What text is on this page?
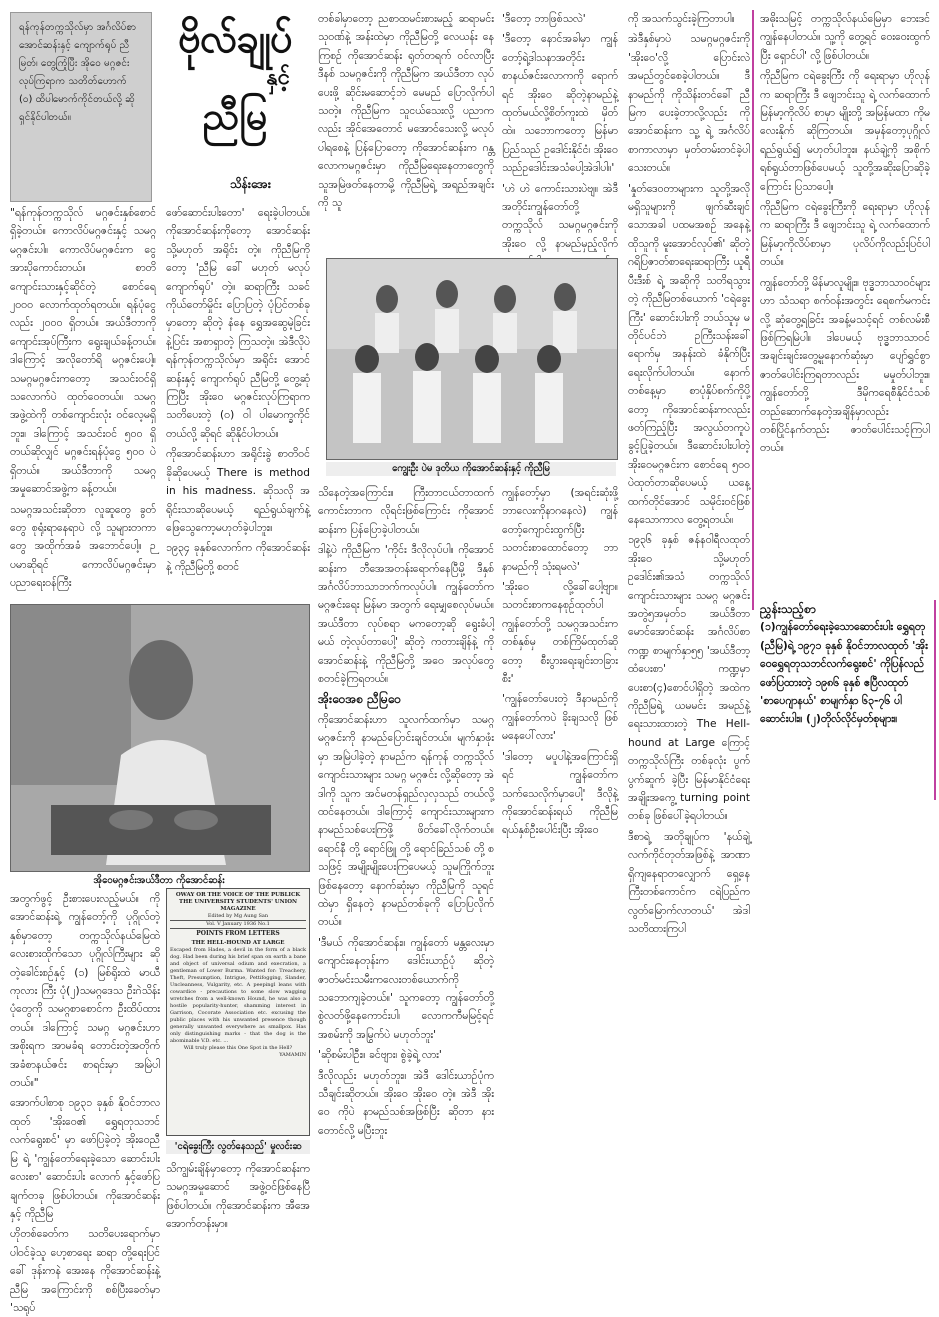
ရန်ကုန်တက္ကသိုလ်မှာ အင်္ဂလိပ်စာ အောင်ဆန်းနှင့် ကျောက်ရုပ် ညီမြတ်၊ တွေ့ကြုံပြီး အိုဝေ မဂ္ဂဇင်းလုပ်ကြရာက သတိတ်ဟောက် (၀) ထိပါမောက်ကိုင်တယ်လို့ ဆိုရှင်နိုင်ပါတယ်။
ဗိုလ်ချုပ်
နှင့်
ညီမြ
သိန်းအေး

"ရန်ကုန်တက္ကသိုလ် မဂ္ဂဇင်းနှစ်စောင် ရှိခဲ့တယ်။ ကောလိပ်မဂ္ဂဇင်းနှင့် သမဂ္ဂမဂ္ဂဇင်းပါ။ ကောလိပ်မဂ္ဂဇင်းက ငွေအားပိုကောင်းတယ်။ စာတိကျောင်းသားနှင့်ဆိုင်တဲ့ စောင်ရေ ၂၀၀၀ လောက်ထုတ်ရတယ်။ ရန်ပုံငွေလည်း ၂၀၀ဝ ရှိတယ်။ အယ်ဒီတာကို ကျောင်းအုပ်ကြီးက ရွေးချယ်ခန့်တယ်။ ဒါကြောင့် အလိုတော်ရိ မဂ္ဂဇင်းပေါ့။ သမဂ္ဂမဂ္ဂဇင်းကတော့ အသင်းဝင်ရှိသလောက်ပဲ ထုတ်ဝေတယ်။ သမဂ္ဂ အဖွဲ့ထဲကို တစ်ကျောင်းလုံး ဝင်လေ့မရှိဘူး။ ဒါကြောင့် အသင်းဝင် ၅၀၀ ရှိတယ်ဆိုလျှင် မဂ္ဂဇင်းရန်ပုံငွေ ၅၀၀ ပဲ ရှိတယ်။ အယ်ဒီတာကို သမဂ္ဂအမှုဆောင်အဖွဲ့က ခန့်တယ်။

သမဂ္ဂအသင်းဆိုတာ လူဆူတွေ ခွတ်တွေ စုရုံးရာနေရာပဲ လို့ သူများတကာတွေ အထိုက်အခံ အဘောင်ပေါ့။ ဉပမာဆိုရင် ကောလိပ်မဂ္ဂဇင်းမှာ ပညာရေးဝန်ကြီး

ဖော်ဆောင်းပါးတော' ရေးခဲ့ပါတယ်။ ကိုအောင်ဆန်းကိုတော့ အောင်ဆန်း သို့မဟုတ် အရိုင်း တဲ့။ ကိုညီမြကိုတော့ 'ညီမြ ခေါ် မဟုတ် မလုပ် ကျောက်ရုပ်' တဲ့။ ဆရာကြီး သခင်ကိုယ်တော်မှိုင်း ပြောပြတဲ့ ပုံပြင်တစ်ခုမှာတော့ ဆိုတဲ့ နံနေ ရွှေအဆွေမဲ့ခြင်းနဲ့ပြင်း အစာရှာတဲ့ ကြသတဲ့။ အဲဒီလိုပဲ ရန်ကုန်တက္ကသိုလ်မှာ အရိုင်း အောင်ဆန်းနှင့် ကျောက်ရုပ် ညီမြတို့ တွေ့ဆုံကြပြီး အိုးဝေ မဂ္ဂဇင်းလုပ်ကြရာက သတိပေးတဲ့ (၀) ဝါ ပါမောက္ခကိုင်တယ်လို့ ဆိုရင် ဆိုနိုင်ပါတယ်။

ကိုအောင်ဆန်းဟာ အရိုင်းခွဲ စာတိဝင်ခိုဆိုပေမယ့် There is method in his madness. ဆိုသလို အရိုင်းသာဆိုပေမယ့် ရည်ရွယ်ချက်နဲ့ ဖြေသွေကော့မဟုတ်ခဲ့ပါဘူး။

၁၉၃၄ ခုနှစ်လောက်က ကိုအောင်ဆန်းနဲ့ ကိုညီမြတို့ စတင်

အိုဝေမဂ္ဂဇင်းအယ်ဒီတာ ကိုအောင်ဆန်း

တစ်ခါမှာတော့ ညစာထမင်းစားမည့် ဆရာမင်းသုဝဏ်နဲ့ အန်းထဲမှာ ကိုညီမြတို့ လေယန်း နေကြစဉ် ကိုအောင်ဆန်း ရုတ်တရက် ဝင်လာပြီး ဒီနစ် သမဂ္ဂဇင်းကို ကိုညီမြက အယ်ဒီတာ လုပ်ပေးဖို့ ဆိုင်းမဆောင့်ဘဲ မေမည် ပြောလိုက်ပါသတဲ့။ ကိုညီမြက သူငယ်သေးလို့ ပညာကလည်း အိုင်အေတောင် မအောင်သေးလို့ မလုပ်ပါရစေနဲ့ ပြန်ပြောတော့ ကိုအောင်ဆန်းက ဂန္တလောကမဂ္ဂဇင်းမှာ ကိုညီမြရေးနေတာတွေကို သူအမြဲဖတ်နေတာမို့ ကိုညီမြရဲ့ အရည်အချင်းကို သူ

'ဒီတော့ ဘာဖြစ်သလဲ'

'ဒီတော့ နောင်အခါမှာ ကျွန်တော့်ရဲ့ဒါသနာအတိုင်း စာနယ်ဇင်းလောကကို ရောက်ရင် အိုးဝေ ဆိုတဲ့နာမည်နဲ့ ထုတ်မယ်လို့စိတ်ကူးထဲ မှိတ်ထဲ။ သဘောကတော့ မြန်မာပြည်သည် ဥဒေါင်းနိုင်ငံ၊ အိုးဝေသည်ဥဒေါင်းအသံပေါ့အဲဒါပါ။'

'ဟဲ ဟဲ ကောင်းသားပဲဗျ။ အဲဒီ အတိုင်းကျွန်တော်တို့ တက္ကသိုလ် သမဂ္ဂမဂ္ဂဇင်းကို အိုးဝေ လို့ နာမည်မှည့်လိုက်

ကျွေးဦး ပဲမ ဒုတိယ ကိုအောင်ဆန်းနှင့် ကိုညီမြ

သိနေတဲ့အကြောင်း။ ကြီးတာငယ်တာထက်ကောင်းတာက လိုရင်းဖြစ်ကြောင်း ကိုအောင်ဆန်းက ပြန်ပြောခဲ့ပါတယ်။

ဒါနဲ့ပဲ ကိုညီမြက 'ကိုင်း ဒီလိုလုပ်ပါ။ ကိုအောင်ဆန်းက ဘီအေအတန်းရောက်နေပြီမို့ ဒီနှစ် အင်္ဂလိပ်ဘာသာဘက်ကလုပ်ပါ။ ကျွန်တော်က မဂ္ဂဇင်းရေး မြန်မာ အတွက် ရေးမျှစေလုပ်မယ်။ အယ်ဒီတာ လုပ်စရာ မကတော့ဆို ရွေးခံပါ့ မယ် တဲ့လုပ်တာပေါ့' ဆိုတဲ့ ကတားချိန်နဲ့ ကိုအောင်ဆန်းနဲ့ ကိုညီမြတို့ အဝေ အလုပ်တွေစတင်ခဲ့ကြရတယ်။

အိုးဝေအစ ညီမြဝေ

ကိုအောင်ဆန်းဟာ သူလက်ထက်မှာ သမဂ္ဂမဂ္ဂဇင်းကို နာမည်ပြောင်းချင်တယ်။ မျက်နှာဖုံးမှာ အမြဲပါခဲ့တဲ့ နာမည်က ရန်ကုန် တက္ကသိုလ် ကျောင်းသားများ သမဂ္ဂ မဂ္ဂဇင်း လို့ဆိုတော့ အဲဒါကို သူက အင်မတန်ရှည်လှလှသည် တယ်လို့ ထင်နေတယ်။ ဒါကြောင့် ကျောင်းသားများက နာမည်သစ်ပေးကြဖို့ ဖိတ်ခေါ်လိုက်တယ်။ ရောင်နီ တို့ ရောင်ဖြူ တို့ ရောင်ခြည်သစ် တို့ စသဖြင့် အမျိုးမျိုးပေးကြပေမယ့် သူမကြိုက်ဘူးဖြစ်နေတော့ နောက်ဆုံးမှာ ကိုညီမြကို သူရင်ထဲမှာ ရှိနေတဲ့ နာမည်တစ်ခုကို ပြောပြလိုက်တယ်။

'ဒီမယ် ကိုအောင်ဆန်း။ ကျွန်တော် မန္တလေးမှာ ကျောင်းနေတုန်းက ဒေါင်းယာဉ်ပုံ ဆိုတဲ့ ဇာတ်မင်းသမီးကလေးတစ်ယောက်ကို သဘောကျခဲ့တယ်။' သူကတော့ ကျွန်တော်တို့ စွဲလတ်ဖို့နေကောင်းပါ၊ လောကကီမမြင့်ရင် အစမ်းကို အမြွက်ပဲ မဟုတ်ဘူး'

'ဆိုစမ်းပါဦး။ ခင်ဗျား၊ စွဲခဲ့ရဲ့ လား'

ဒီလိုလည်း မဟုတ်ဘူး။ အဲဒီ ဒေါင်းယာဉ်ပုံက သီချင်းဆိုတယ်။ အိုးဝေ အိုးဝေ တဲ့။ အဲဒီ အိုးဝေ ကိုပဲ နာမည်သစ်အဖြစ်ပြီး ဆိုတာ နားတောင်လို့ မပြီးဘူး

ကျွန်တော့်မှာ (အရင်းဆုံးဖို့ ဘာလေးကိုနာဂနေလဲ) ကျွန်တော့်ကျောင်းထွက်ပြီး သတင်းစာထောင်တော့ ဘာနာမည်ကို သုံးရမလဲ'

'အိုးဝေ လို့ခေါ်ပေါ့ဗျာ။ သတင်းစာကနေစုဉ်ထုတ်ပါကျွန်တော်တို့ သမဂ္ဂအသင်းက တစ်နှစ်မှ တစ်ကြိမ်ထုတ်ဆိုတော့ စီးပွားရေးချင်းတခြား စီး'

'ကျွန်တော်ပေးတဲ့ ဒီနာမည်ကို ကျွန်တော်ကပဲ ခိုးချသလို ဖြစ်မနေပေါ်လား'

'ဒါတော့ မပူပါနဲ့အကြောင်းရှိရင် ကျွန်တော်က သက်သေလိုက်မှာပေါ့' ဒီလိုနဲ့ ကိုအောင်ဆန်းရယ် ကိုညီမြရယ်နှစ်ဦးပေါင်းပြီး အိုးဝေ

ကို အသက်သွင်းခဲ့ကြတာပါ။

အဲဒီနှစ်မှာပဲ သမဂ္ဂမဂ္ဂဇင်းကို 'အိုးဝေ'လို့ ပြောင်းလဲအမည်တွင်စေခဲ့ပါတယ်။ ဒီနာမည်ကို ကိုသိန်းတင်ခေါ် ညီမြက ပေးခဲ့တာလို့လည်း ကိုအောင်ဆန်းက သူ့ ရဲ့ အင်္ဂလိပ်စာကာလာမှာ မှတ်တမ်းတင်ခဲ့ပါသေးတယ်။

'နှုတ်ဒေဝတာများက သူတို့အလိုမရှိသူများကို ဖျက်ဆီးချင်သောအခါ ပထမအစဉ် အနေနဲ့ ထိုသူကို မူးအောင်လုပ်၏' ဆိုတဲ့ ဂရိပြဇာတ်စာရေးဆရာကြီး ယူရီပီးဒီးစ် ရဲ့ အဆိုကို သတိရသွားတဲ့ ကိုညီမြတစ်ယောက် 'ငရဲခွေးကြီး' ဆောင်းပါးကို ဘယ်သူမှ မတိုင်ပင်ဘဲ ဥကြီးသန်းခေါ်ရောက်မှ အနန်းထဲ ခံနိုက်ပြီး ရေးလိုက်ပါတယ်။ နောက်တစ်နေ့မှာ စာပုံနှိပ်စက်ကိုပို့တော့ ကိုအောင်ဆန်းကလည်း ဖတ်ကြည့်ပြီး အလွယ်တကူပဲ ခွင့်ပြုခဲ့တယ်။ ဒီဆောင်းပါးပါတဲ့ အိုးဝေမဂ္ဂဇင်းက စောင်ရေ ၅၀၀ ပဲထုတ်တာဆိုပေမယ့် ယနေ့ထက်တိုင်အောင် သမိုင်းဝင်ဖြစ်နေသောကာလ တွေ့ရတယ်။

၁၉၃၆ ခုနှစ် ဇန်နဝါရီလထုတ် အိုးဝေ သို့မဟုတ် ဥဒေါင်း၏အသံ တက္ကသိုလ်ကျောင်းသားများ သမဂ္ဂ မဂ္ဂဇင်းအတွဲ၅အမှတ်၁ အယ်ဒီတာ မောင်အောင်ဆန်း အင်္ဂလိပ်စာကဏ္ဍ စာမျက်နှာ၅၅ 'အယ်ဒီတာ့ထံပေးစာ' ကဏ္ဍမှာ ပေးစာ(၄)စောင်ပါရှိတဲ့ အထဲက ကိုညီမြရဲ့ ယမမင်း အမည်နဲ့ ရေးသားထားတဲ့ The Hell-hound at Large ကြောင့် တက္ကသိုလ်ကြီး တစ်ခုလုံး ပွက်ပွက်ဆူက် ခဲ့ပြီး မြန်မာနိုင်ငံရေး အချိုးအကွေ့ turning point တစ်ခု ဖြစ်ပေါ်ခဲ့ရပါတယ်။

ဒီစာရဲ့ အတိုချုပ်က 'နယ်ချဲ့လက်ကိုင်တုတ်အဖြစ်နဲ့ အာဏာရှိကျနေရာတလျှောက် ရှေ့နေကြီးတစ်ကောင်က ငရဲပြည်က လွတ်မြောက်လာတယ်' အဲဒါ သတိထားကြပါ

အဓိုးသမြင့် တက္ကသိုလ်နယ်မြေမှာ ဘေး​ဒင်ကျွန်နေပါတယ်။ သူ့ကို တွေ့ရင် ဝေးဝေးထွက်ပြီး ရှောင်ပါ' လို့ ဖြစ်ပါတယ်။

ကိုညီမြက ငရဲခွေးကြီး ကို ရေးရာမှာ ဟိုလုန်က ဆရာကြီး ဒီ ဖျေဘင်းသူ ရဲ့ လက်ထောက် မြန်မာ့ကိုလိပ် စာမှာ မျိုးတို့ အမြန်မထာ ကိုမလေးနိုက် ဆိုကြတယ်။ အမှန်တော့ပုဂ္ဂိုလ်ရည်ရွယ်၍ မဟုတ်ပါဘူး။ နယ်ချဲ့ကို အစိုက်ရစ်ရွယ်တာဖြစ်ပေမယ့် သူတို့အဆိုးပြောဆိုခဲ့ကြောင်း ပြသာပေါ့။

ကိုညီမြက ငရဲခွေးကြီးကို ရေးရာမှာ ဟိုလုန်က ဆရာကြီး ဒီ ဖျေဘင်းသူ ရဲ့ လက်ထောက် မြန်မာ့ကိုလိပ်စာမှာ ပုလိပ်ကိုလည်းပြင်ပါတယ်။

ကျွန်တော်တို့ မိန်မာလူမျိုး။ ဗုဒ္ဓဘာသာဝင်များဟာ သံသရာ စက်ဝန်းအတွင်း ရေစက်မကင်းလို့ ဆုံတွေ့ရခြင်း အခန့်မသင့်ရင် တစ်လမ်းစီ ဖြစ်ကြရမြဲပါ။ ဒါပေမယ့် ဗုဒ္ဓဘာသာဝင် အချင်းချင်းတွေ့မှုနောက်ဆုံးမှာ ပျော်ရွှင်စွာ ဇာတ်ပေါင်းကြရတာလည်း မမှုတ်ပါဘူး။ ကျွန်တော်တို့ ဒီမိုကရေစီနိုင်ငံသစ်တည်ဆောက်နေတဲ့အချိန်မှာလည်း တစ်ပြိုင်နက်တည်း ဇာတ်ပေါင်းသင့်ကြပါတယ်။

ညွှန်းသည့်စာ
(၁)ကျွန်တော်ရေးခဲ့သောဆောင်းပါး ရွှေရတု (ညီမြ)ရဲ့ ၁၉၇၁ ခုနှစ် နိုဝင်ဘာလထုတ် 'အိုးဝေရွှေရတုသဘင်လက်ရွေးစင်' ကိုပြန်လည်ဖော်ပြထားတဲ့ ၁၉၈၆ ခုနှစ် ဧပြီလထုတ် 'စာပေဂျာနယ်' စာမျက်နှာ ၆၃-၇၆ ပါဆောင်းပါး။ (၂)တိုလ်လိုင်မှတ်စုများ။

အတွက်ဖွင့် ဦးစားပေးလည့်မယ်။ ကိုအောင်ဆန်းရဲ့ ကျွန်တော့်ကို ပုဂ္ဂိုလ်တဲ့ နှစ်မှာတော့ တက္ကသိုလ်နယ်မြေထဲ လေးစားထိုက်သော ပုဂ္ဂိုလ်ကြီးများ ဆိုတဲ့ခေါင်းစဉ်နှင့် (၁) မြစ်ရိုးထဲ မာယီကုလား ကြီး ပုံ(၂)သမဂ္ဂဒေသ ဦးဂဲသိန်းပုံတွေကို သမဂ္ဂစာစောင်က ဦးထိပ်ထားတယ်။ ဒါကြောင့် သမဂ္ဂ မဂ္ဂဇင်းဟာ အစိုးရက အာမခံရ တောင်းတဲ့အတိုက် အခံစာနယ်ဇင်း စာရင်းမှာ အမြဲပါတယ်။"

အောက်ပါစာစု ၁၉၃၁ ခုနှစ် နိုဝင်ဘာလထုတ် 'အိုးဝေ၏ ရွှေရတုသဘင် လက်ရွေးစင်' မှာ ဖော်ပြခဲ့တဲ့ အိုးဝေညီမြ ရဲ့ 'ကျွန်တော်ရေးခဲ့သော ဆောင်းပါးလေးစာ' ဆောင်းပါး လောက် နှင့်ဖော်ပြချက်တခု ဖြစ်ပါတယ်။ ကိုအောင်ဆန်းနှင့် ကိုညီမြ

ဟိုတစ်ခေတ်က သတိပေးရောက်မှာ ပါဝင်ခဲ့သူ ပော့စာရေး ဆရာ တို့ရေးပြင်ခေါ် ဒုန်းကနဲ အေးနေ ကိုအောင်ဆန်းနဲ့ ညီမြ အကြောင်းကို စစ်ပြီးခေတ်မှာ 'သရုပ်

OWAY OR THE VOICE OF THE PUBLICK THE UNIVERSITY STUDENTS' UNION MAGAZINE
Edited by Mg Aung San
Vol. V January 1936 No.1
POINTS FROM LETTERS
THE HELL-HOUND AT LARGE
Escaped from Hades, a devil in the form of a black dog. Had been during his brief span on earth a bane and object of universal odium and execration, a gentleman of Lower Burma. Wanted for: Treachery, Theft, Presumption, Intrigue, Pettifogging, Slander, Uncleanness, Vulgarity, etc. A peepingl leans with cowardice - precautions to some slow wagging wretches from a well-known Hound, he was also a hostile popularity-hunter, shamming interest in Garrison, Cocorate Association etc. excusing the public places with his unwanted presence though generally unwanted everywhere as smallpox. Has only distinguishing marks - that the dog is the abominable V.D. etc. ...
Will truly please this One Spot in the Hell?
YAMAMIN
'ငရဲခွေးကြီး လွတ်နေသည်' မှုလင်းဆ

သိကျွမ်းချိန်မှာတော့ ကိုအောင်ဆန်းက သမဂ္ဂအမှုဆောင် အဖွဲ့ဝင်ဖြစ်နေပြီ ဖြစ်ပါတယ်။ ကိုအောင်ဆန်းက အီအေအောက်တန်းမှာ။
